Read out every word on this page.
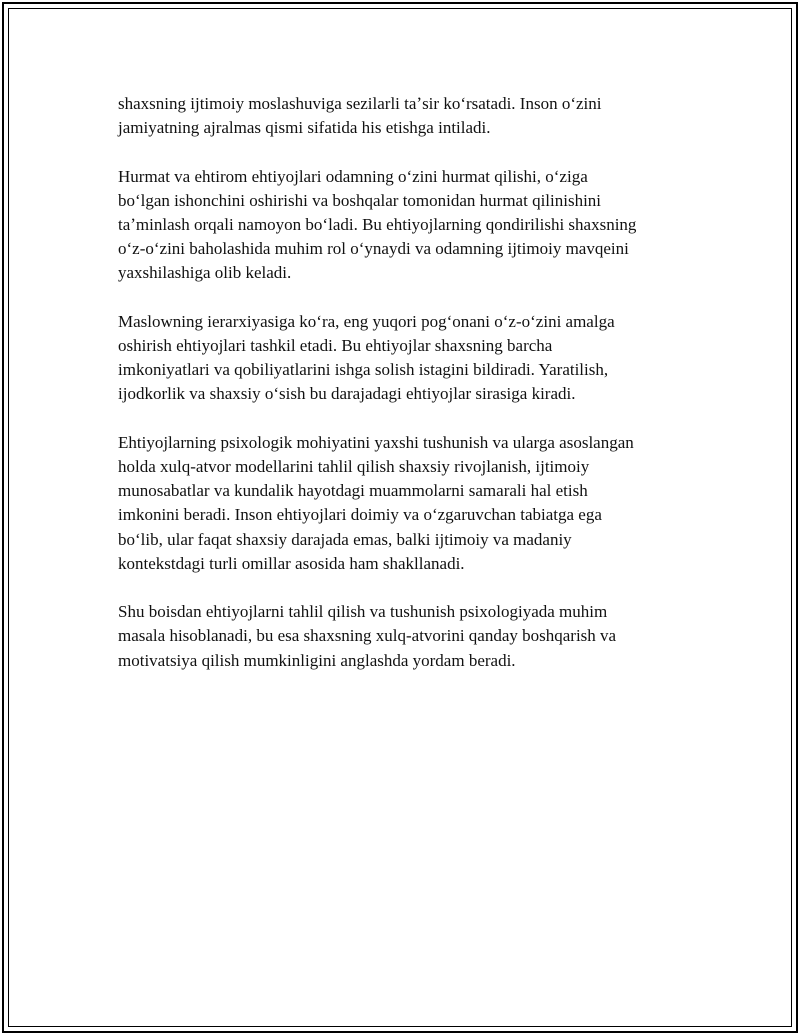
shaxsning ijtimoiy moslashuviga sezilarli taʼsir koʻrsatadi. Inson oʻzini
jamiyatning ajralmas qismi sifatida his etishga intiladi.

Hurmat va ehtirom ehtiyojlari odamning oʻzini hurmat qilishi, oʻziga
boʻlgan ishonchini oshirishi va boshqalar tomonidan hurmat qilinishini
taʼminlash orqali namoyon boʻladi. Bu ehtiyojlarning qondirilishi shaxsning
oʻz-oʻzini baholashida muhim rol oʻynaydi va odamning ijtimoiy mavqeini
yaxshilashiga olib keladi.

Maslowning ierarxiyasiga koʻra, eng yuqori pogʻonani oʻz-oʻzini amalga
oshirish ehtiyojlari tashkil etadi. Bu ehtiyojlar shaxsning barcha
imkoniyatlari va qobiliyatlarini ishga solish istagini bildiradi. Yaratilish,
ijodkorlik va shaxsiy oʻsish bu darajadagi ehtiyojlar sirasiga kiradi.

Ehtiyojlarning psixologik mohiyatini yaxshi tushunish va ularga asoslangan
holda xulq-atvor modellarini tahlil qilish shaxsiy rivojlanish, ijtimoiy
munosabatlar va kundalik hayotdagi muammolarni samarali hal etish
imkonini beradi. Inson ehtiyojlari doimiy va oʻzgaruvchan tabiatga ega
boʻlib, ular faqat shaxsiy darajada emas, balki ijtimoiy va madaniy
kontekstdagi turli omillar asosida ham shakllanadi.

Shu boisdan ehtiyojlarni tahlil qilish va tushunish psixologiyada muhim
masala hisoblanadi, bu esa shaxsning xulq-atvorini qanday boshqarish va
motivatsiya qilish mumkinligini anglashda yordam beradi.
